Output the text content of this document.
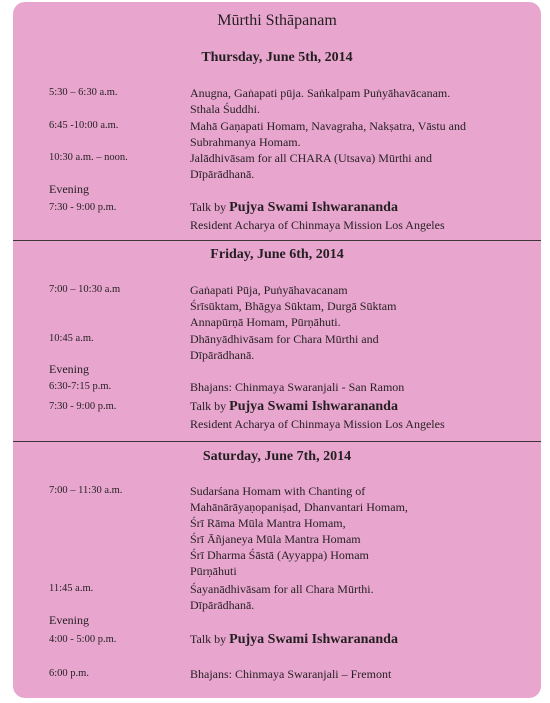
Mūrthi Sthāpanam
Thursday, June 5th, 2014
5:30 – 6:30 a.m.	Anugna, Gaṅapati pūja. Saṅkalpam Puṅyāhavācanam.
Sthala Śuddhi.
6:45 -10:00 a.m.	Mahā Gaṇapati Homam, Navagraha, Nakṣatra, Vāstu and
Subrahmanya Homam.
10:30 a.m. – noon.	Jalādhivāsam for all CHARA (Utsava) Mūrthi and
Dīpārādhanā.
Evening
7:30 - 9:00 p.m.	Talk by Pujya Swami Ishwarananda
Resident Acharya of Chinmaya Mission Los Angeles
Friday, June 6th, 2014
7:00 – 10:30 a.m	Gaṅapati Pūja, Puṅyāhavacanam
Śrīsūktam, Bhāgya Sūktam, Durgā Sūktam
Annapūrṇā Homam, Pūrṇāhuti.
10:45 a.m.	Dhānyādhivāsam for Chara Mūrthi and
Dīpārādhanā.
Evening
6:30-7:15 p.m.	Bhajans: Chinmaya Swaranjali - San Ramon
7:30 - 9:00 p.m.	Talk by Pujya Swami Ishwarananda
Resident Acharya of Chinmaya Mission Los Angeles
Saturday, June 7th, 2014
7:00 – 11:30 a.m.	Sudarśana Homam with Chanting of
Mahānārāyaṇopaniṣad, Dhanvantari Homam,
Śrī Rāma Mūla Mantra Homam,
Śrī Āñjaneya Mūla Mantra Homam
Śrī Dharma Śāstā (Ayyappa) Homam
Pūrṇāhuti
11:45 a.m.	Śayanādhivāsam for all Chara Mūrthi.
Dīpārādhanā.
Evening
4:00 - 5:00 p.m.	Talk by Pujya Swami Ishwarananda
6:00 p.m.	Bhajans: Chinmaya Swaranjali – Fremont
